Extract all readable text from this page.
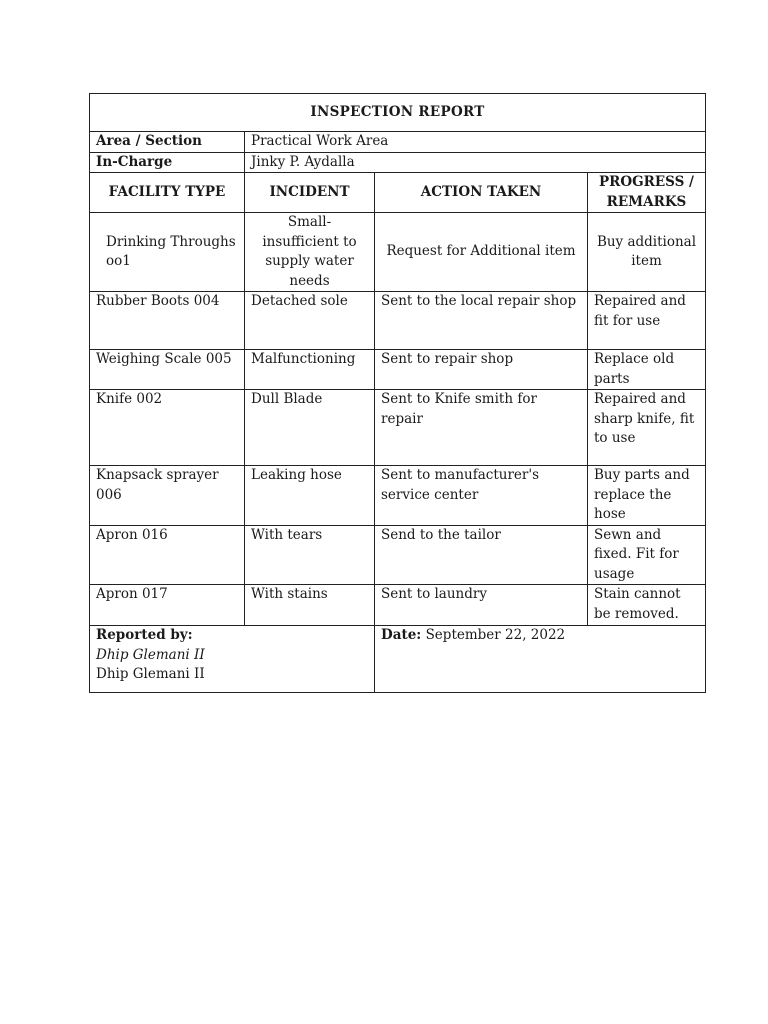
INSPECTION REPORT			
Area / Section	Practical Work Area		
In-Charge	Jinky P. Aydalla		
FACILITY TYPE	INCIDENT	ACTION TAKEN	PROGRESS / REMARKS
Drinking Throughs oo1	Small-insufficient to supply water needs	Request for Additional item	Buy additional item
Rubber Boots 004	Detached sole	Sent to the local repair shop	Repaired and fit for use
Weighing Scale 005	Malfunctioning	Sent to repair shop	Replace old parts
Knife 002	Dull Blade	Sent to Knife smith for repair	Repaired and sharp knife, fit to use
Knapsack sprayer 006	Leaking hose	Sent to manufacturer's service center	Buy parts and replace the hose
Apron 016	With tears	Send to the tailor	Sewn and fixed. Fit for usage
Apron 017	With stains	Sent to laundry	Stain cannot be removed.
Reported by:

Dhip Glemani II
Dhip Glemani II		Date: September 22, 2022	
